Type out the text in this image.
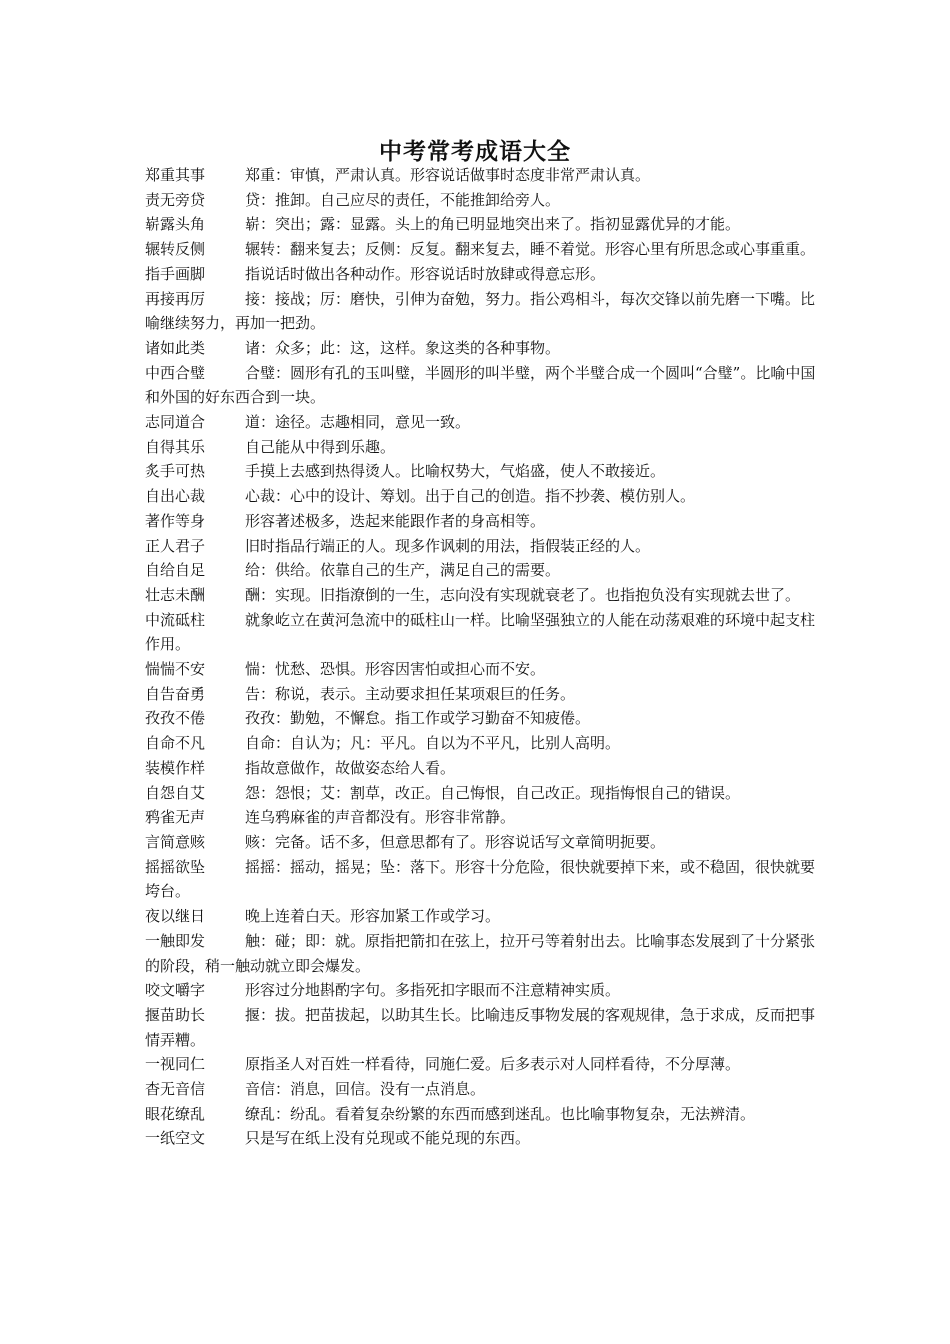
中考常考成语大全

郑重其事	郑重：审慎，严肃认真。形容说话做事时态度非常严肃认真。

责无旁贷	贷：推卸。自己应尽的责任，不能推卸给旁人。

崭露头角	崭：突出；露：显露。头上的角已明显地突出来了。指初显露优异的才能。

辗转反侧	辗转：翻来复去；反侧：反复。翻来复去，睡不着觉。形容心里有所思念或心事重重。

指手画脚	指说话时做出各种动作。形容说话时放肆或得意忘形。

再接再厉	接：接战；厉：磨快，引伸为奋勉，努力。指公鸡相斗，每次交锋以前先磨一下嘴。比喻继续努力，再加一把劲。

诸如此类	诸：众多；此：这，这样。象这类的各种事物。

中西合璧	合璧：圆形有孔的玉叫璧，半圆形的叫半璧，两个半璧合成一个圆叫“合璧”。比喻中国和外国的好东西合到一块。

志同道合	道：途径。志趣相同，意见一致。

自得其乐	自己能从中得到乐趣。

炙手可热	手摸上去感到热得烫人。比喻权势大，气焰盛，使人不敢接近。

自出心裁	心裁：心中的设计、筹划。出于自己的创造。指不抄袭、模仿别人。

著作等身	形容著述极多，迭起来能跟作者的身高相等。

正人君子	旧时指品行端正的人。现多作讽刺的用法，指假装正经的人。

自给自足	给：供给。依靠自己的生产，满足自己的需要。

壮志未酬	酬：实现。旧指潦倒的一生，志向没有实现就衰老了。也指抱负没有实现就去世了。

中流砥柱	就象屹立在黄河急流中的砥柱山一样。比喻坚强独立的人能在动荡艰难的环境中起支柱作用。

惴惴不安	惴：忧愁、恐惧。形容因害怕或担心而不安。

自告奋勇	告：称说，表示。主动要求担任某项艰巨的任务。

孜孜不倦	孜孜：勤勉，不懈怠。指工作或学习勤奋不知疲倦。

自命不凡	自命：自认为；凡：平凡。自以为不平凡，比别人高明。

装模作样	指故意做作，故做姿态给人看。

自怨自艾	怨：怨恨；艾：割草，改正。自己悔恨，自己改正。现指悔恨自己的错误。

鸦雀无声	连乌鸦麻雀的声音都没有。形容非常静。

言简意赅	赅：完备。话不多，但意思都有了。形容说话写文章简明扼要。

摇摇欲坠	摇摇：摇动，摇晃；坠：落下。形容十分危险，很快就要掉下来，或不稳固，很快就要垮台。

夜以继日	晚上连着白天。形容加紧工作或学习。

一触即发	触：碰；即：就。原指把箭扣在弦上，拉开弓等着射出去。比喻事态发展到了十分紧张的阶段，稍一触动就立即会爆发。

咬文嚼字	形容过分地斟酌字句。多指死扣字眼而不注意精神实质。

揠苗助长	揠：拔。把苗拔起，以助其生长。比喻违反事物发展的客观规律，急于求成，反而把事情弄糟。

一视同仁	原指圣人对百姓一样看待，同施仁爱。后多表示对人同样看待，不分厚薄。

杳无音信	音信：消息，回信。没有一点消息。

眼花缭乱	缭乱：纷乱。看着复杂纷繁的东西而感到迷乱。也比喻事物复杂，无法辨清。

一纸空文	只是写在纸上没有兑现或不能兑现的东西。
